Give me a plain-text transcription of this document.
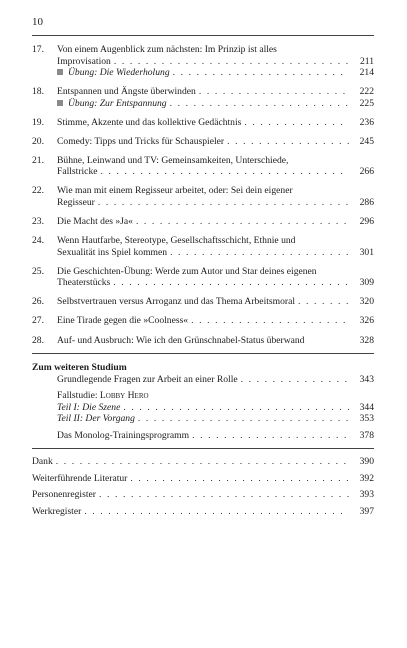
10
17.	Von einem Augenblick zum nächsten: Im Prinzip ist alles
Improvisation . . .	211
Übung: Die Wiederholung . . .	214
18.	Entspannen und Ängste überwinden . . .	222
Übung: Zur Entspannung . . .	225
19.	Stimme, Akzente und das kollektive Gedächtnis . . .	236
20.	Comedy: Tipps und Tricks für Schauspieler . . .	245
21.	Bühne, Leinwand und TV: Gemeinsamkeiten, Unterschiede,
Fallstricke . . .	266
22.	Wie man mit einem Regisseur arbeitet, oder: Sei dein eigener
Regisseur . . .	286
23.	Die Macht des »Ja« . . .	296
24.	Wenn Hautfarbe, Stereotype, Gesellschaftsschicht, Ethnie und
Sexualität ins Spiel kommen . . .	301
25.	Die Geschichten-Übung: Werde zum Autor und Star deines eigenen
Theaterstücks . . .	309
26.	Selbstvertrauen versus Arroganz und das Thema Arbeitsmoral . . .	320
27.	Eine Tirade gegen die »Coolness« . . .	326
28.	Auf- und Ausbruch: Wie ich den Grünschnabel-Status überwand	328
Zum weiteren Studium
Grundlegende Fragen zur Arbeit an einer Rolle . . .	343
Fallstudie: Lobby Hero
Teil I: Die Szene . . .	344
Teil II: Der Vorgang . . .	353
Das Monolog-Trainingsprogramm . . .	378
Dank . . .	390
Weiterführende Literatur . . .	392
Personenregister . . .	393
Werkregister . . .	397
